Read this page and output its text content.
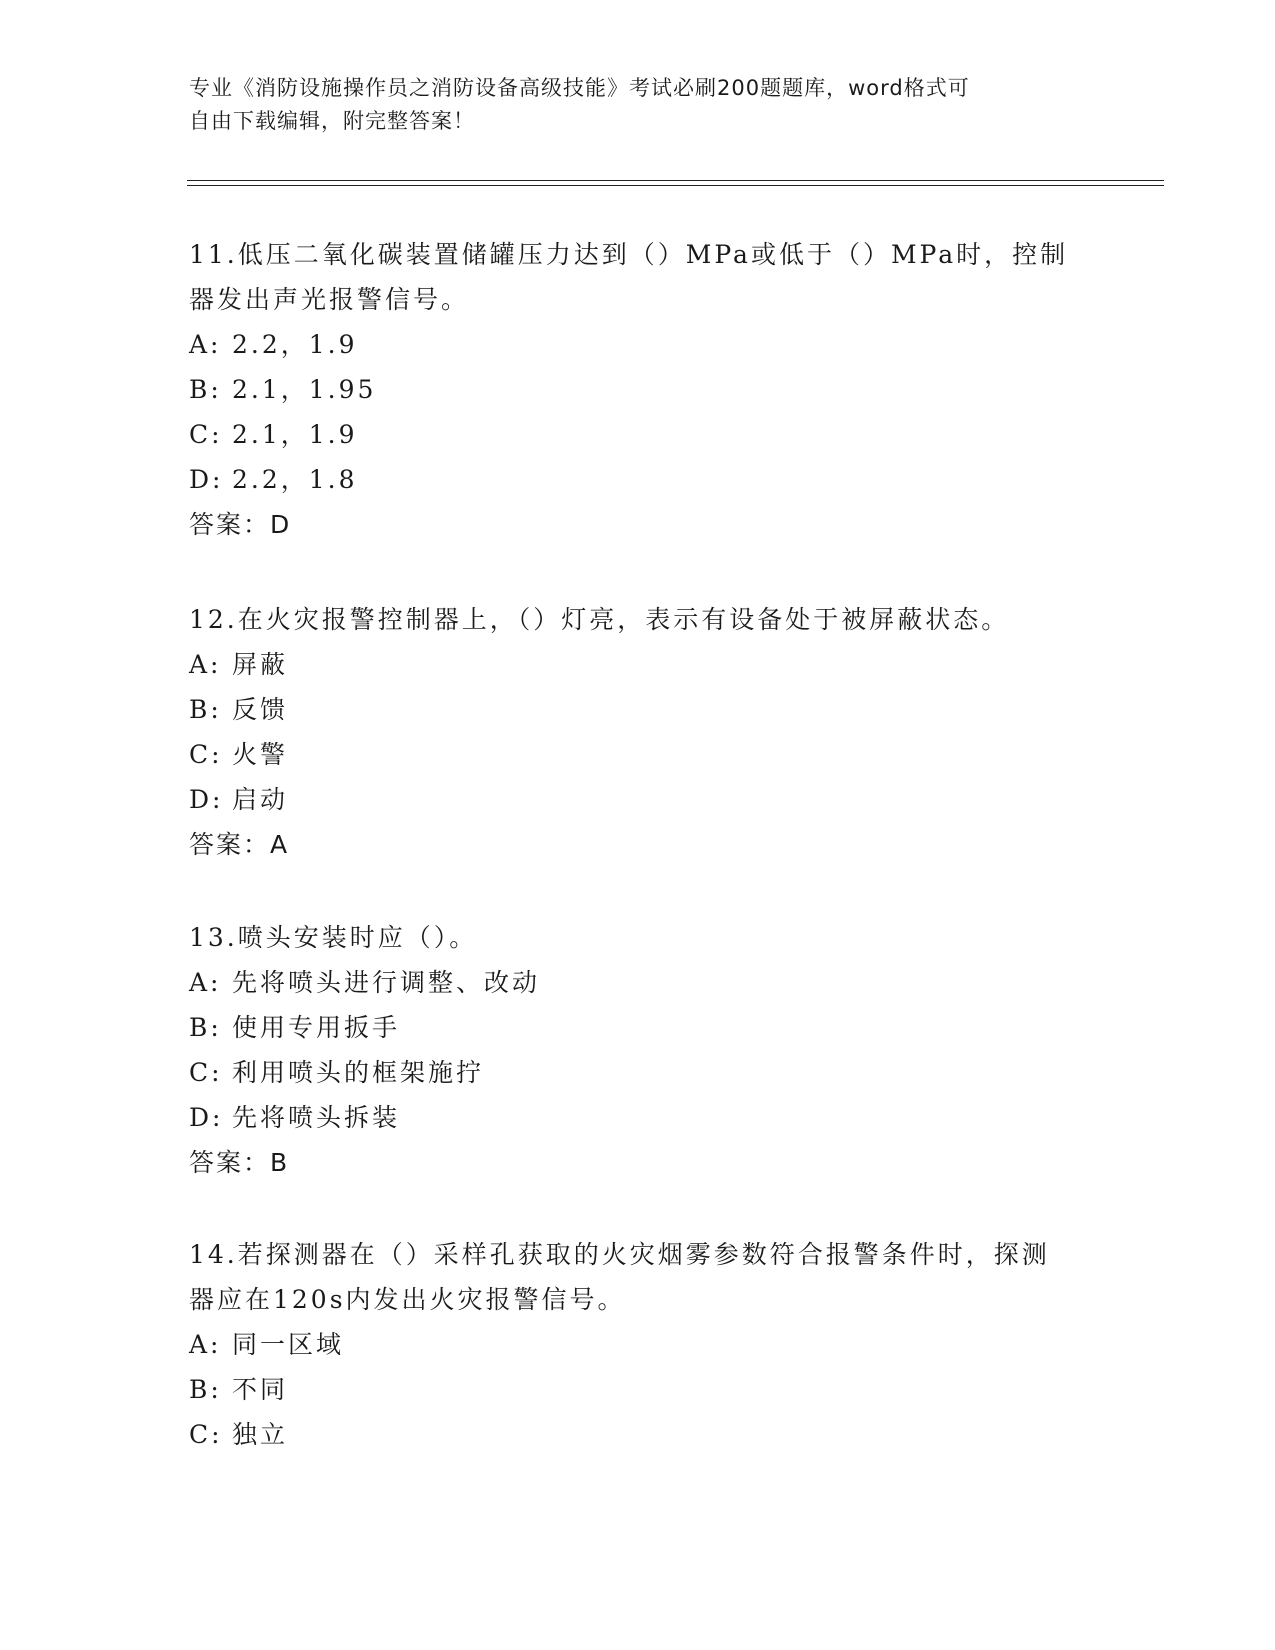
专业《消防设施操作员之消防设备高级技能》考试必刷200题题库，word格式可
自由下载编辑，附完整答案！
11.低压二氧化碳装置储罐压力达到（）MPa或低于（）MPa时，控制
器发出声光报警信号。
A: 2.2，1.9
B: 2.1，1.95
C: 2.1，1.9
D: 2.2，1.8
答案：D
12.在火灾报警控制器上，（）灯亮，表示有设备处于被屏蔽状态。
A: 屏蔽
B: 反馈
C: 火警
D: 启动
答案：A
13.喷头安装时应（）。
A: 先将喷头进行调整、改动
B: 使用专用扳手
C: 利用喷头的框架施拧
D: 先将喷头拆装
答案：B
14.若探测器在（）采样孔获取的火灾烟雾参数符合报警条件时，探测
器应在120s内发出火灾报警信号。
A: 同一区域
B: 不同
C: 独立
